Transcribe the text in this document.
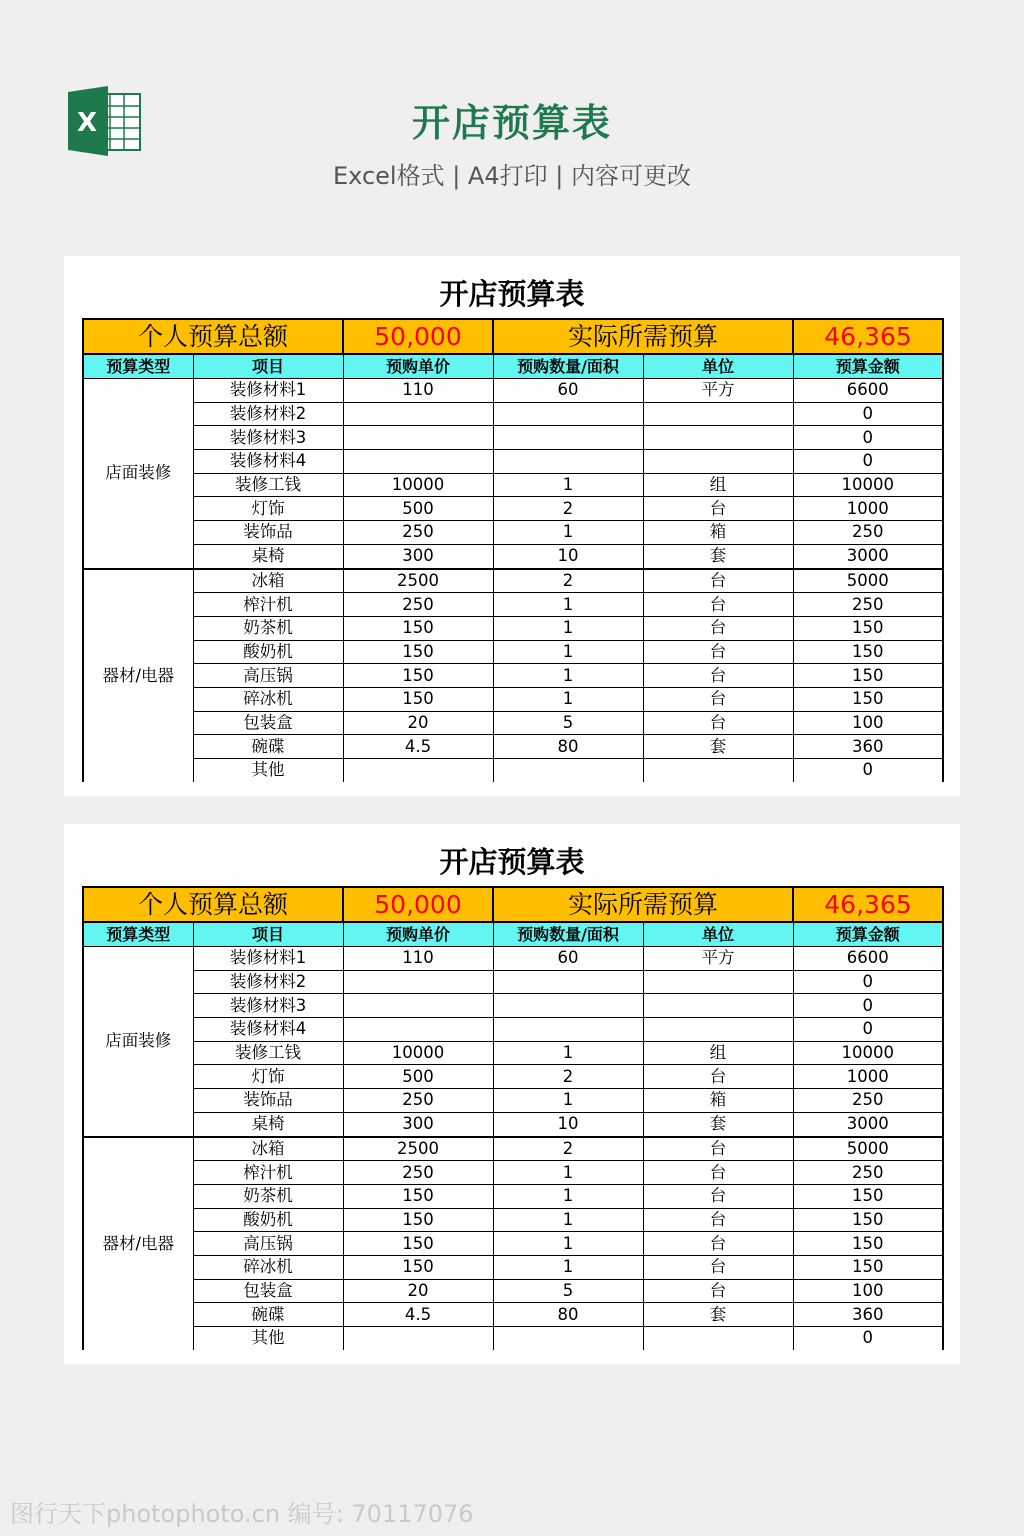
X	开店预算表
Excel格式 | A4打印 | 内容可更改
开店预算表
个人预算总额		50,000	实际所需预算		46,365
预算类型	项目	预购单价	预购数量/面积	单位	预算金额
店面装修	装修材料1	110	60	平方	6600
	装修材料2				0
	装修材料3				0
	装修材料4				0
	装修工钱	10000	1	组	10000
	灯饰	500	2	台	1000
	装饰品	250	1	箱	250
	桌椅	300	10	套	3000
器材/电器	冰箱	2500	2	台	5000
	榨汁机	250	1	台	250
	奶茶机	150	1	台	150
	酸奶机	150	1	台	150
	高压锅	150	1	台	150
	碎冰机	150	1	台	150
	包装盒	20	5	台	100
	碗碟	4.5	80	套	360
	其他				0
开店预算表
个人预算总额		50,000	实际所需预算		46,365
预算类型	项目	预购单价	预购数量/面积	单位	预算金额
店面装修	装修材料1	110	60	平方	6600
	装修材料2				0
	装修材料3				0
	装修材料4				0
	装修工钱	10000	1	组	10000
	灯饰	500	2	台	1000
	装饰品	250	1	箱	250
	桌椅	300	10	套	3000
器材/电器	冰箱	2500	2	台	5000
	榨汁机	250	1	台	250
	奶茶机	150	1	台	150
	酸奶机	150	1	台	150
	高压锅	150	1	台	150
	碎冰机	150	1	台	150
	包装盒	20	5	台	100
	碗碟	4.5	80	套	360
	其他				0
图行天下photophoto.cn 编号: 70117076
